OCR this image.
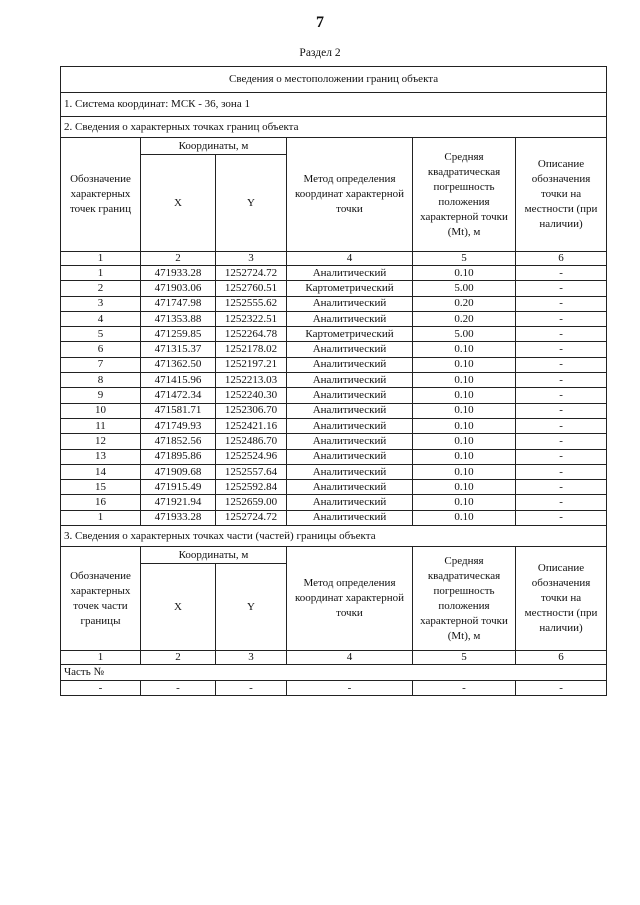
7
Раздел 2
Сведения о местоположении границ объекта					
1. Система координат: МСК - 36, зона 1					
2. Сведения о характерных точках границ объекта					
Обозначение характерных точек границ	Координаты, м		Метод определения координат характерной точки	Средняя квадратическая погрешность положения характерной точки (Mt), м	Описание обозначения точки на местности (при наличии)
	X	Y			
1	2	3	4	5	6
1	471933.28	1252724.72	Аналитический	0.10	-
2	471903.06	1252760.51	Картометрический	5.00	-
3	471747.98	1252555.62	Аналитический	0.20	-
4	471353.88	1252322.51	Аналитический	0.20	-
5	471259.85	1252264.78	Картометрический	5.00	-
6	471315.37	1252178.02	Аналитический	0.10	-
7	471362.50	1252197.21	Аналитический	0.10	-
8	471415.96	1252213.03	Аналитический	0.10	-
9	471472.34	1252240.30	Аналитический	0.10	-
10	471581.71	1252306.70	Аналитический	0.10	-
11	471749.93	1252421.16	Аналитический	0.10	-
12	471852.56	1252486.70	Аналитический	0.10	-
13	471895.86	1252524.96	Аналитический	0.10	-
14	471909.68	1252557.64	Аналитический	0.10	-
15	471915.49	1252592.84	Аналитический	0.10	-
16	471921.94	1252659.00	Аналитический	0.10	-
1	471933.28	1252724.72	Аналитический	0.10	-
3. Сведения о характерных точках части (частей) границы объекта					
Обозначение характерных точек части границы	Координаты, м		Метод определения координат характерной точки	Средняя квадратическая погрешность положения характерной точки (Mt), м	Описание обозначения точки на местности (при наличии)
	X	Y			
1	2	3	4	5	6
Часть №					
-	-	-	-	-	-
